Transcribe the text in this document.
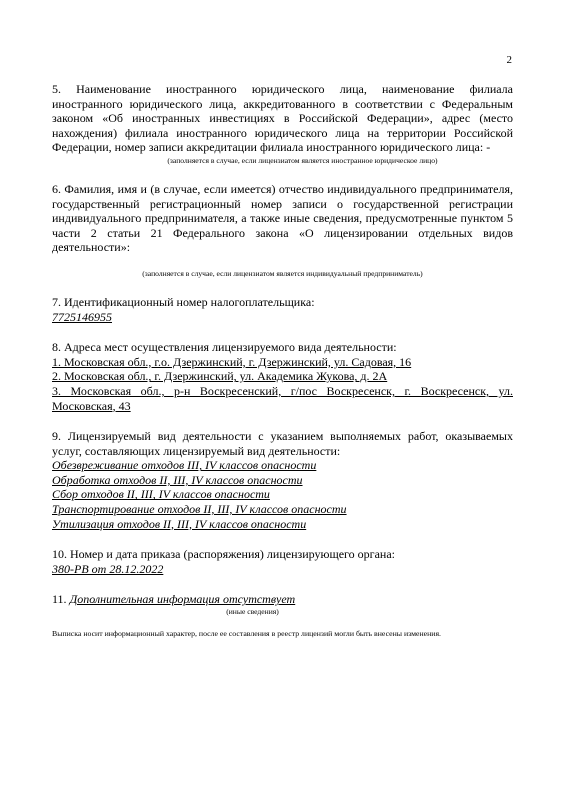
2
5. Наименование иностранного юридического лица, наименование филиала иностранного юридического лица, аккредитованного в соответствии с Федеральным законом «Об иностранных инвестициях в Российской Федерации», адрес (место нахождения) филиала иностранного юридического лица на территории Российской Федерации, номер записи аккредитации филиала иностранного юридического лица: -
(заполняется в случае, если лицензиатом является иностранное юридическое лицо)
6. Фамилия, имя и (в случае, если имеется) отчество индивидуального предпринимателя, государственный регистрационный номер записи о государственной регистрации индивидуального предпринимателя, а также иные сведения, предусмотренные пунктом 5 части 2 статьи 21 Федерального закона «О лицензировании отдельных видов деятельности»:
(заполняется в случае, если лицензиатом является индивидуальный предприниматель)
7. Идентификационный номер налогоплательщика:
7725146955
8. Адреса мест осуществления лицензируемого вида деятельности:
1. Московская обл., г.о. Дзержинский, г. Дзержинский, ул. Садовая, 16
2. Московская обл., г. Дзержинский, ул. Академика Жукова, д. 2А
3. Московская обл., р-н Воскресенский, г/пос Воскресенск, г. Воскресенск, ул. Московская, 43
9. Лицензируемый вид деятельности с указанием выполняемых работ, оказываемых услуг, составляющих лицензируемый вид деятельности:
Обезвреживание отходов III, IV классов опасности
Обработка отходов II, III, IV классов опасности
Сбор отходов II, III, IV классов опасности
Транспортирование отходов II, III, IV классов опасности
Утилизация отходов II, III, IV классов опасности
10. Номер и дата приказа (распоряжения) лицензирующего органа:
380-РВ от 28.12.2022
11. Дополнительная информация отсутствует
(иные сведения)
Выписка носит информационный характер, после ее составления в реестр лицензий могли быть внесены изменения.
